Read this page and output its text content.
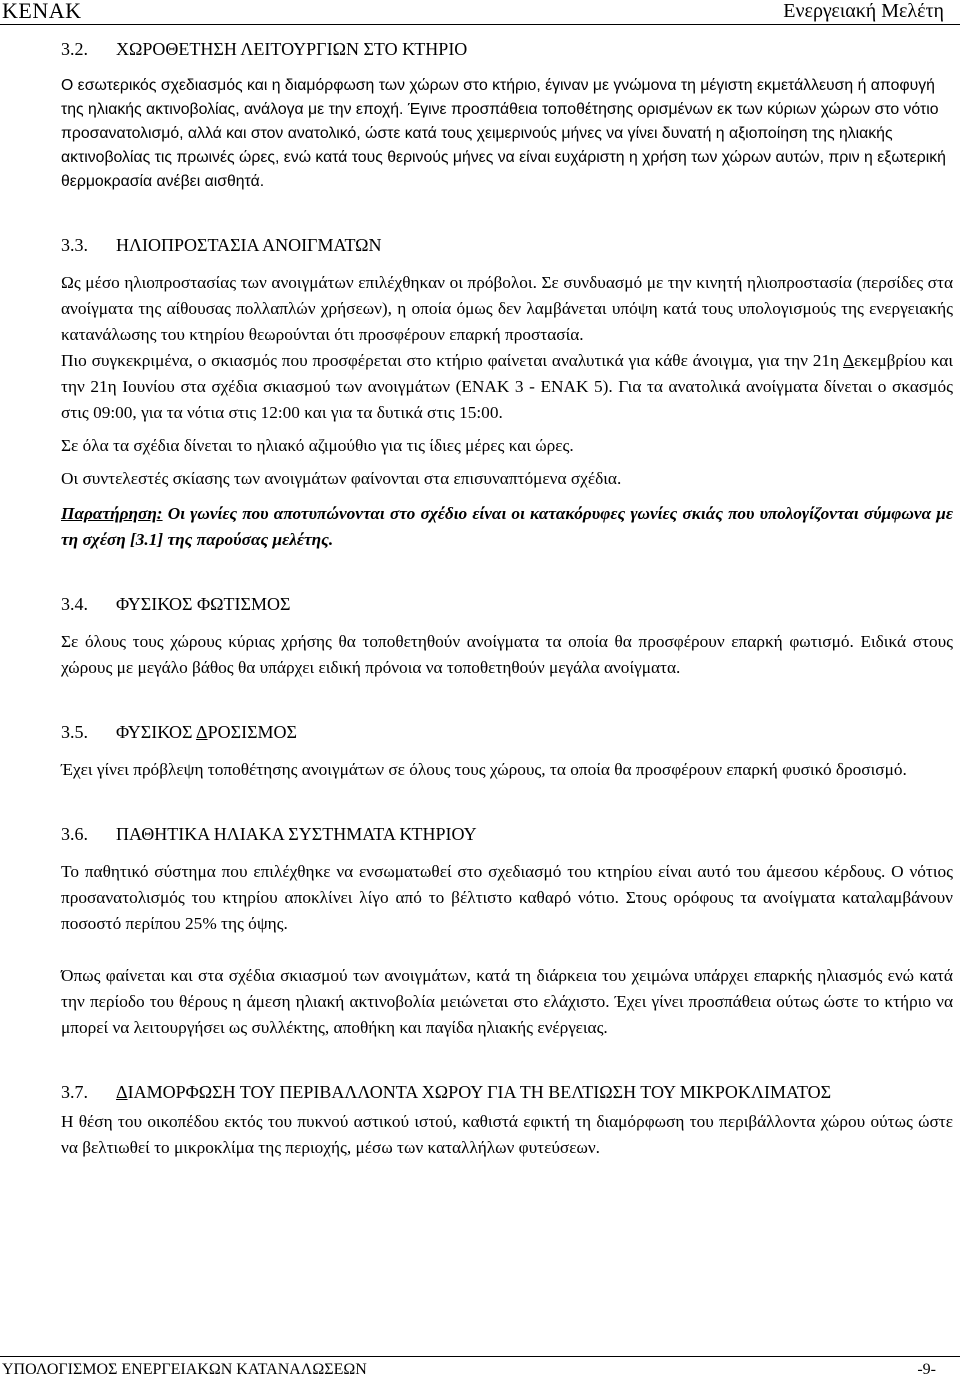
KENAK	Ενεργειακή Μελέτη
3.2.	ΧΩΡΟΘΕΤΗΣΗ ΛΕΙΤΟΥΡΓΙΩΝ ΣΤΟ ΚΤΗΡΙΟ

Ο εσωτερικός σχεδιασμός και η διαμόρφωση των χώρων στο κτήριο, έγιναν με γνώμονα τη μέγιστη εκμετάλλευση ή αποφυγή της ηλιακής ακτινοβολίας, ανάλογα με την εποχή. Έγινε προσπάθεια τοποθέτησης ορισμένων εκ των κύριων χώρων στο νότιο προσανατολισμό, αλλά και στον ανατολικό, ώστε κατά τους χειμερινούς μήνες να γίνει δυνατή η αξιοποίηση της ηλιακής ακτινοβολίας τις πρωινές ώρες, ενώ κατά τους θερινούς μήνες να είναι ευχάριστη η χρήση των χώρων αυτών, πριν η εξωτερική θερμοκρασία ανέβει αισθητά.

3.3.	ΗΛΙΟΠΡΟΣΤΑΣΙΑ ΑΝΟΙΓΜΑΤΩΝ

Ως μέσο ηλιοπροστασίας των ανοιγμάτων επιλέχθηκαν οι πρόβολοι. Σε συνδυασμό με την κινητή ηλιοπροστασία (περσίδες στα ανοίγματα της αίθουσας πολλαπλών χρήσεων), η οποία όμως δεν λαμβάνεται υπόψη κατά τους υπολογισμούς της ενεργειακής κατανάλωσης του κτηρίου θεωρούνται ότι προσφέρουν επαρκή προστασία.

Πιο συγκεκριμένα, ο σκιασμός που προσφέρεται στο κτήριο φαίνεται αναλυτικά για κάθε άνοιγμα, για την 21η Δεκεμβρίου και την 21η Ιουνίου στα σχέδια σκιασμού των ανοιγμάτων (ΕΝΑΚ 3 - ΕΝΑΚ 5). Για τα ανατολικά ανοίγματα δίνεται ο σκασμός στις 09:00, για τα νότια στις 12:00 και για τα δυτικά στις 15:00.

Σε όλα τα σχέδια δίνεται το ηλιακό αζιμούθιο για τις ίδιες μέρες και ώρες.

Οι συντελεστές σκίασης των ανοιγμάτων φαίνονται στα επισυναπτόμενα σχέδια.

Παρατήρηση: Οι γωνίες που αποτυπώνονται στο σχέδιο είναι οι κατακόρυφες γωνίες σκιάς που υπολογίζονται σύμφωνα με τη σχέση [3.1] της παρούσας μελέτης.

3.4.	ΦΥΣΙΚΟΣ ΦΩΤΙΣΜΟΣ

Σε όλους τους χώρους κύριας χρήσης θα τοποθετηθούν ανοίγματα τα οποία θα προσφέρουν επαρκή φωτισμό. Ειδικά στους χώρους με μεγάλο βάθος θα υπάρχει ειδική πρόνοια να τοποθετηθούν μεγάλα ανοίγματα.

3.5.	ΦΥΣΙΚΟΣ ΔΡΟΣΙΣΜΟΣ

Έχει γίνει πρόβλεψη τοποθέτησης ανοιγμάτων σε όλους τους χώρους, τα οποία θα προσφέρουν επαρκή φυσικό δροσισμό.

3.6.	ΠΑΘΗΤΙΚΑ ΗΛΙΑΚΑ ΣΥΣΤΗΜΑΤΑ ΚΤΗΡΙΟΥ

Το παθητικό σύστημα που επιλέχθηκε να ενσωματωθεί στο σχεδιασμό του κτηρίου είναι αυτό του άμεσου κέρδους. Ο νότιος προσανατολισμός του κτηρίου αποκλίνει λίγο από το βέλτιστο καθαρό νότιο. Στους ορόφους τα ανοίγματα καταλαμβάνουν ποσοστό περίπου 25% της όψης.

Όπως φαίνεται και στα σχέδια σκιασμού των ανοιγμάτων, κατά τη διάρκεια του χειμώνα υπάρχει επαρκής ηλιασμός ενώ κατά την περίοδο του θέρους η άμεση ηλιακή ακτινοβολία μειώνεται στο ελάχιστο. Έχει γίνει προσπάθεια ούτως ώστε το κτήριο να μπορεί να λειτουργήσει ως συλλέκτης, αποθήκη και παγίδα ηλιακής ενέργειας.

3.7.	ΔΙΑΜΟΡΦΩΣΗ ΤΟΥ ΠΕΡΙΒΑΛΛΟΝΤΑ ΧΩΡΟΥ ΓΙΑ ΤΗ ΒΕΛΤΙΩΣΗ ΤΟΥ ΜΙΚΡΟΚΛΙΜΑΤΟΣ

Η θέση του οικοπέδου εκτός του πυκνού αστικού ιστού, καθιστά εφικτή τη διαμόρφωση του περιβάλλοντα χώρου ούτως ώστε να βελτιωθεί το μικροκλίμα της περιοχής, μέσω των καταλλήλων φυτεύσεων.

ΥΠΟΛΟΓΙΣΜΟΣ ΕΝΕΡΓΕΙΑΚΩΝ ΚΑΤΑΝΑΛΩΣΕΩΝ	-9-
